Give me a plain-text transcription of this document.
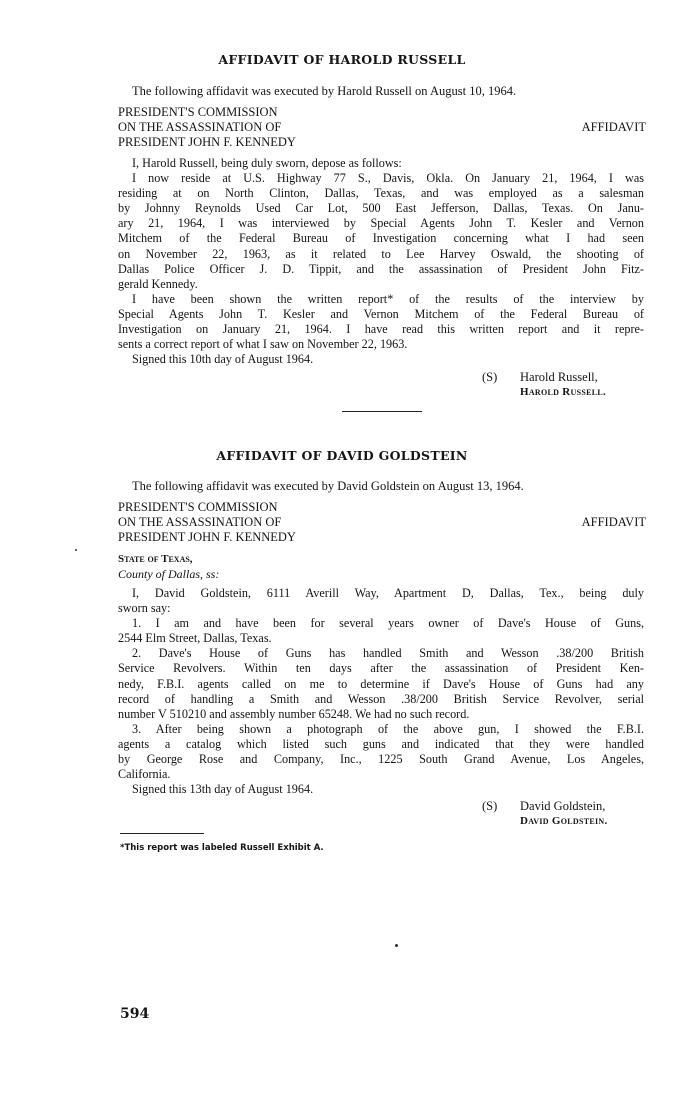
AFFIDAVIT OF HAROLD RUSSELL
The following affidavit was executed by Harold Russell on August 10, 1964.
PRESIDENT'S COMMISSION
ON THE ASSASSINATION OF
PRESIDENT JOHN F. KENNEDY
AFFIDAVIT

I, Harold Russell, being duly sworn, depose as follows:

I now reside at U.S. Highway 77 S., Davis, Okla. On January 21, 1964, I was
residing at on North Clinton, Dallas, Texas, and was employed as a salesman
by Johnny Reynolds Used Car Lot, 500 East Jefferson, Dallas, Texas. On Janu-
ary 21, 1964, I was interviewed by Special Agents John T. Kesler and Vernon
Mitchem of the Federal Bureau of Investigation concerning what I had seen
on November 22, 1963, as it related to Lee Harvey Oswald, the shooting of
Dallas Police Officer J. D. Tippit, and the assassination of President John Fitz-
gerald Kennedy.

I have been shown the written report* of the results of the interview by
Special Agents John T. Kesler and Vernon Mitchem of the Federal Bureau of
Investigation on January 21, 1964. I have read this written report and it repre-
sents a correct report of what I saw on November 22, 1963.

Signed this 10th day of August 1964.

(S) Harold Russell,
Harold Russell.
AFFIDAVIT OF DAVID GOLDSTEIN
The following affidavit was executed by David Goldstein on August 13, 1964.
PRESIDENT'S COMMISSION
ON THE ASSASSINATION OF
PRESIDENT JOHN F. KENNEDY
AFFIDAVIT
State of Texas,
County of Dallas, ss:

I, David Goldstein, 6111 Averill Way, Apartment D, Dallas, Tex., being duly
sworn say:

1. I am and have been for several years owner of Dave's House of Guns,
2544 Elm Street, Dallas, Texas.

2. Dave's House of Guns has handled Smith and Wesson .38/200 British
Service Revolvers. Within ten days after the assassination of President Ken-
nedy, F.B.I. agents called on me to determine if Dave's House of Guns had any
record of handling a Smith and Wesson .38/200 British Service Revolver, serial
number V 510210 and assembly number 65248. We had no such record.

3. After being shown a photograph of the above gun, I showed the F.B.I.
agents a catalog which listed such guns and indicated that they were handled
by George Rose and Company, Inc., 1225 South Grand Avenue, Los Angeles,
California.

Signed this 13th day of August 1964.

(S) David Goldstein,
David Goldstein.
*This report was labeled Russell Exhibit A.
594
